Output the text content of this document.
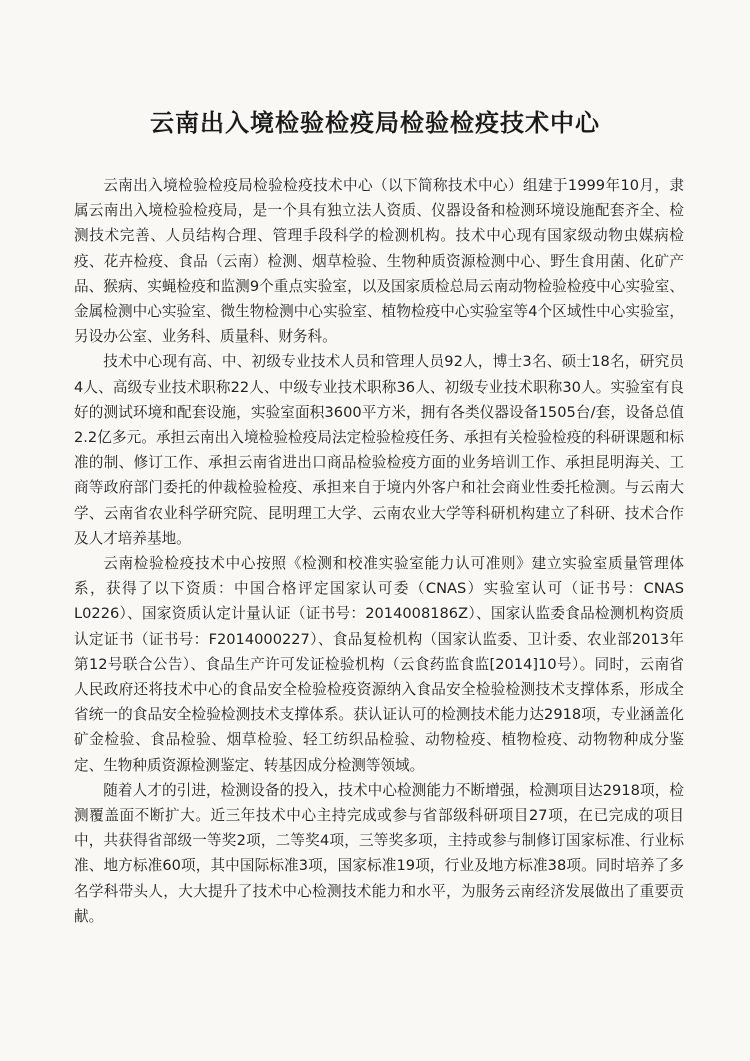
云南出入境检验检疫局检验检疫技术中心

云南出入境检验检疫局检验检疫技术中心（以下简称技术中心）组建于1999年10月，隶属云南出入境检验检疫局，是一个具有独立法人资质、仪器设备和检测环境设施配套齐全、检测技术完善、人员结构合理、管理手段科学的检测机构。技术中心现有国家级动物虫媒病检疫、花卉检疫、食品（云南）检测、烟草检验、生物种质资源检测中心、野生食用菌、化矿产品、猴病、实蝇检疫和监测9个重点实验室，以及国家质检总局云南动物检验检疫中心实验室、金属检测中心实验室、微生物检测中心实验室、植物检疫中心实验室等4个区域性中心实验室，另设办公室、业务科、质量科、财务科。

技术中心现有高、中、初级专业技术人员和管理人员92人，博士3名、硕士18名，研究员4人、高级专业技术职称22人、中级专业技术职称36人、初级专业技术职称30人。实验室有良好的测试环境和配套设施，实验室面积3600平方米，拥有各类仪器设备1505台/套，设备总值2.2亿多元。承担云南出入境检验检疫局法定检验检疫任务、承担有关检验检疫的科研课题和标准的制、修订工作、承担云南省进出口商品检验检疫方面的业务培训工作、承担昆明海关、工商等政府部门委托的仲裁检验检疫、承担来自于境内外客户和社会商业性委托检测。与云南大学、云南省农业科学研究院、昆明理工大学、云南农业大学等科研机构建立了科研、技术合作及人才培养基地。

云南检验检疫技术中心按照《检测和校准实验室能力认可准则》建立实验室质量管理体系，获得了以下资质：中国合格评定国家认可委（CNAS）实验室认可（证书号：CNAS　L0226）、国家资质认定计量认证（证书号：2014008186Z）、国家认监委食品检测机构资质认定证书（证书号：F2014000227）、食品复检机构（国家认监委、卫计委、农业部2013年第12号联合公告）、食品生产许可发证检验机构（云食药监食监[2014]10号）。同时，云南省人民政府还将技术中心的食品安全检验检疫资源纳入食品安全检验检测技术支撑体系，形成全省统一的食品安全检验检测技术支撑体系。获认证认可的检测技术能力达2918项，专业涵盖化矿金检验、食品检验、烟草检验、轻工纺织品检验、动物检疫、植物检疫、动物物种成分鉴定、生物种质资源检测鉴定、转基因成分检测等领域。

随着人才的引进，检测设备的投入，技术中心检测能力不断增强，检测项目达2918项，检测覆盖面不断扩大。近三年技术中心主持完成或参与省部级科研项目27项，在已完成的项目中，共获得省部级一等奖2项，二等奖4项，三等奖多项，主持或参与制修订国家标准、行业标准、地方标准60项，其中国际标准3项，国家标准19项，行业及地方标准38项。同时培养了多名学科带头人，大大提升了技术中心检测技术能力和水平，为服务云南经济发展做出了重要贡献。
